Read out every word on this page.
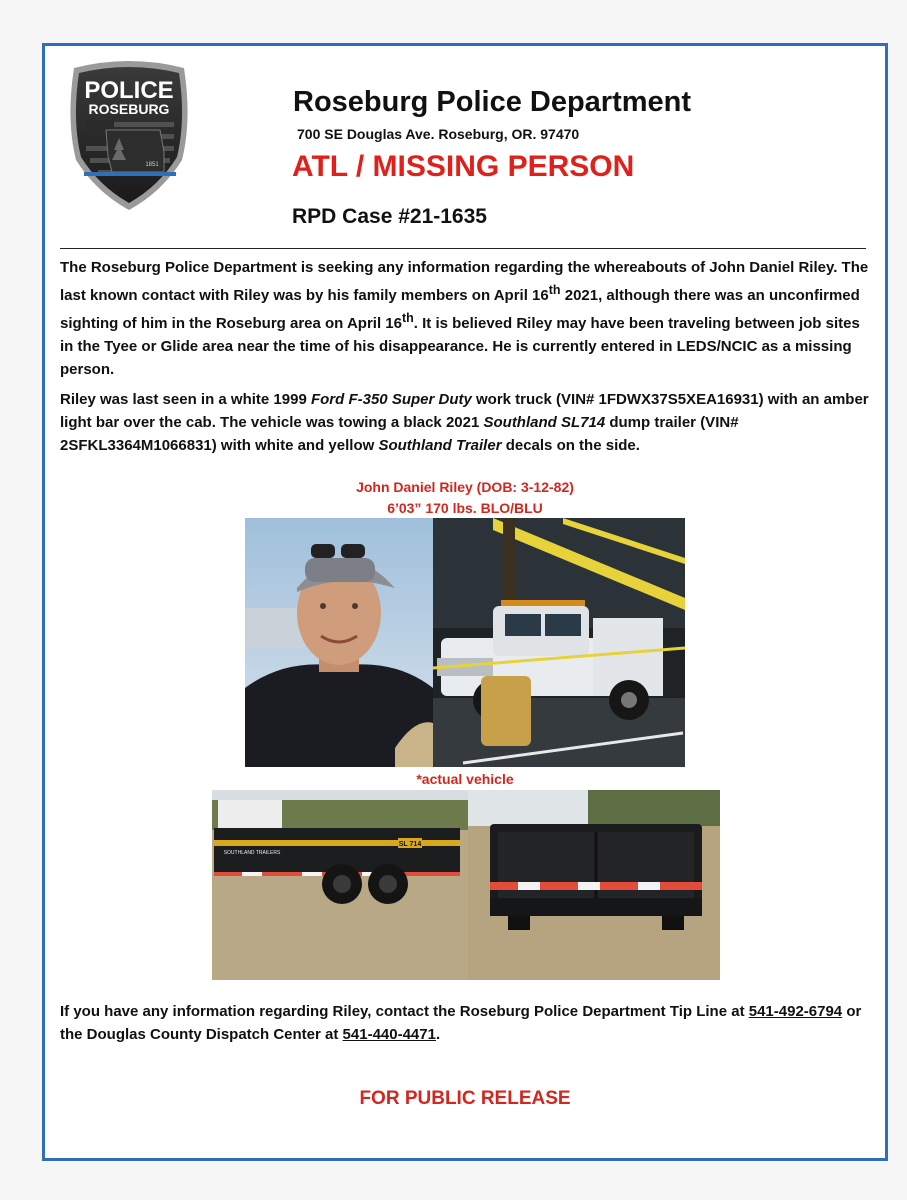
POLICE
ROSEBURG
1851
Roseburg Police Department
700 SE Douglas Ave. Roseburg, OR. 97470
ATL / MISSING PERSON
RPD Case #21-1635

The Roseburg Police Department is seeking any information regarding the whereabouts of John Daniel Riley. The last known contact with Riley was by his family members on April 16th 2021, although there was an unconfirmed sighting of him in the Roseburg area on April 16th. It is believed Riley may have been traveling between job sites in the Tyee or Glide area near the time of his disappearance. He is currently entered in LEDS/NCIC as a missing person.

Riley was last seen in a white 1999 Ford F-350 Super Duty work truck (VIN# 1FDWX37S5XEA16931) with an amber light bar over the cab. The vehicle was towing a black 2021 Southland SL714 dump trailer (VIN# 2SFKL3364M1066831) with white and yellow Southland Trailer decals on the side.

John Daniel Riley (DOB: 3-12-82)
6’03” 170 lbs. BLO/BLU
*actual vehicle
SL 714
SOUTHLAND TRAILERS

If you have any information regarding Riley, contact the Roseburg Police Department Tip Line at 541-492-6794 or the Douglas County Dispatch Center at 541-440-4471.

FOR PUBLIC RELEASE
